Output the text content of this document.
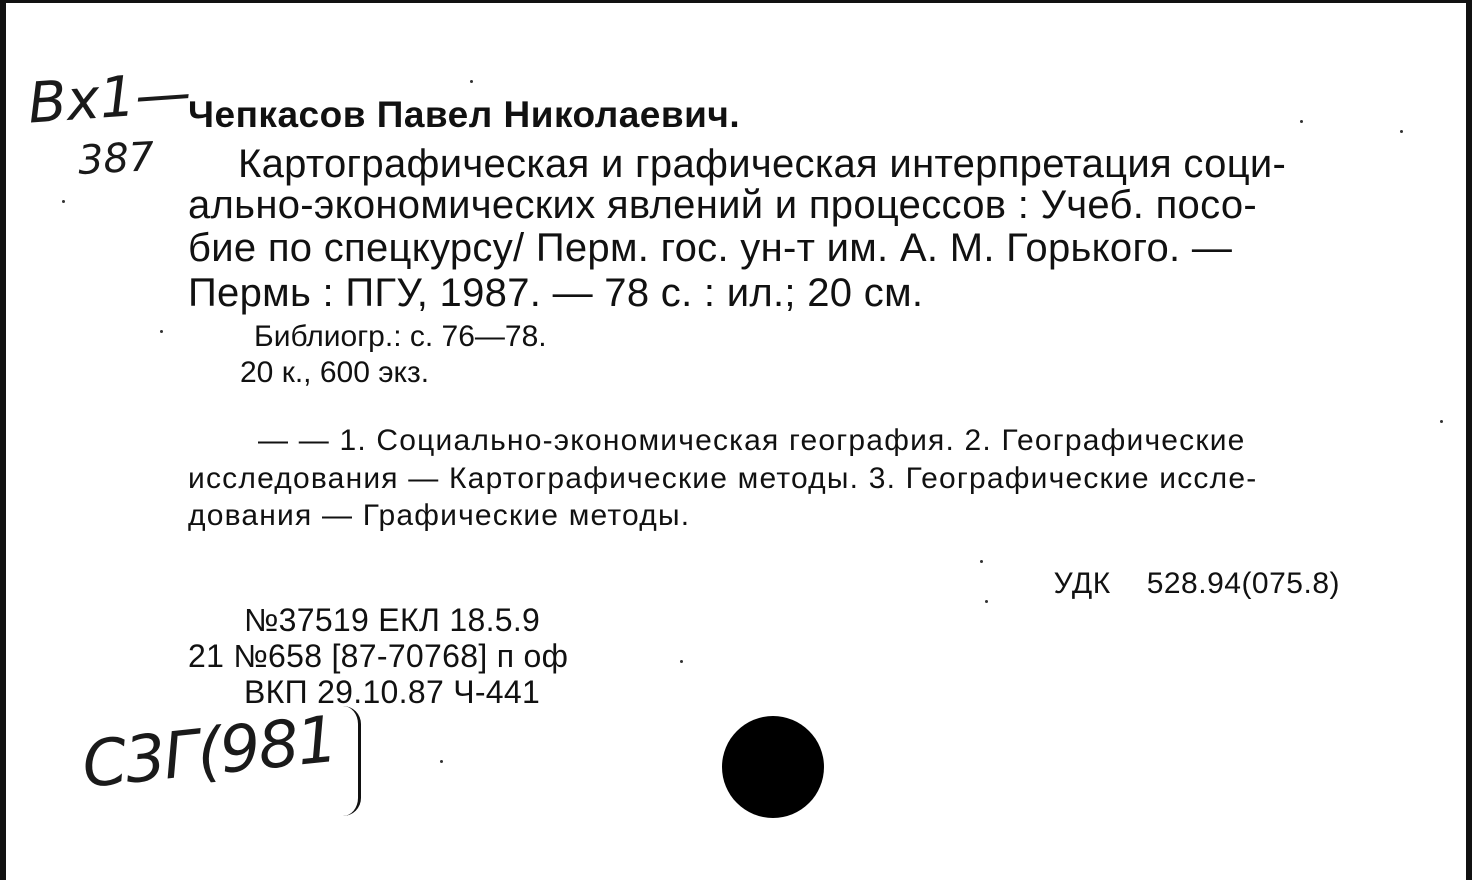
Вх1—
387
Чепкасов Павел Николаевич.
Картографическая и графическая интерпретация соци-
ально-экономических явлений и процессов : Учеб. посо-
бие по спецкурсу/ Перм. гос. ун-т им. А. М. Горького. —
Пермь : ПГУ, 1987. — 78 с. : ил.; 20 см.
Библиогр.: с. 76—78.
20 к., 600 экз.
— — 1. Социально-экономическая география. 2. Географические
исследования — Картографические методы. 3. Географические иссле-
дования — Графические методы.
УДК 528.94(075.8)
№37519 ЕКЛ 18.5.9
21 №658 [87-70768] п оф
ВКП 29.10.87 Ч-441
С3Г(981
